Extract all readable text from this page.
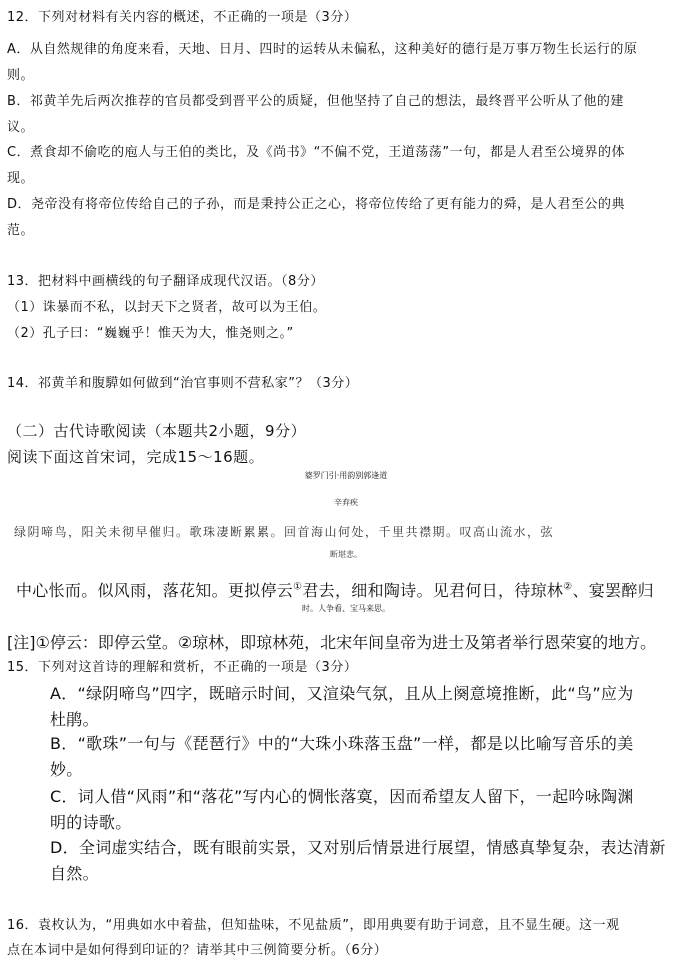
12．下列对材料有关内容的概述，不正确的一项是（3分）
A．从自然规律的角度来看，天地、日月、四时的运转从未偏私，这种美好的德行是万事万物生长运行的原
则。
B．祁黄羊先后两次推荐的官员都受到晋平公的质疑，但他坚持了自己的想法，最终晋平公听从了他的建
议。
C．煮食却不偷吃的庖人与王伯的类比，及《尚书》“不偏不党，王道荡荡”一句，都是人君至公境界的体
现。
D．尧帝没有将帝位传给自己的子孙，而是秉持公正之心，将帝位传给了更有能力的舜，是人君至公的典
范。
13．把材料中画横线的句子翻译成现代汉语。（8分）
（1）诛暴而不私，以封天下之贤者，故可以为王伯。
（2）孔子曰：“巍巍乎！惟天为大，惟尧则之。”
14．祁黄羊和腹騲如何做到“治官事则不营私家”？（3分）
（二）古代诗歌阅读（本题共2小题，9分）
阅读下面这首宋词，完成15～16题。
婆罗门引·用韵别郭逢道
辛弃疾
绿阴啼鸟，阳关未彻早催归。歌珠凄断累累。回首海山何处，千里共襟期。叹高山流水，弦
断堪悲。
中心怅而。似风雨，落花知。更拟停云①君去，细和陶诗。见君何日，待琼林②、宴罢醉归
时。人争看、宝马来思。
[注]①停云：即停云堂。②琼林，即琼林苑，北宋年间皇帝为进士及第者举行恩荣宴的地方。
15．下列对这首诗的理解和赏析，不正确的一项是（3分）
A．“绿阴啼鸟”四字，既暗示时间，又渲染气氛，且从上阕意境推断，此“鸟”应为
杜鹃。
B．“歌珠”一句与《琵琶行》中的“大珠小珠落玉盘”一样，都是以比喻写音乐的美
妙。
C．词人借“风雨”和“落花”写内心的惆怅落寞，因而希望友人留下，一起吟咏陶渊
明的诗歌。
D．全词虚实结合，既有眼前实景，又对别后情景进行展望，情感真挚复杂，表达清新
自然。
16．袁枚认为，“用典如水中着盐，但知盐味，不见盐质”，即用典要有助于词意，且不显生硬。这一观
点在本词中是如何得到印证的？请举其中三例简要分析。（6分）
